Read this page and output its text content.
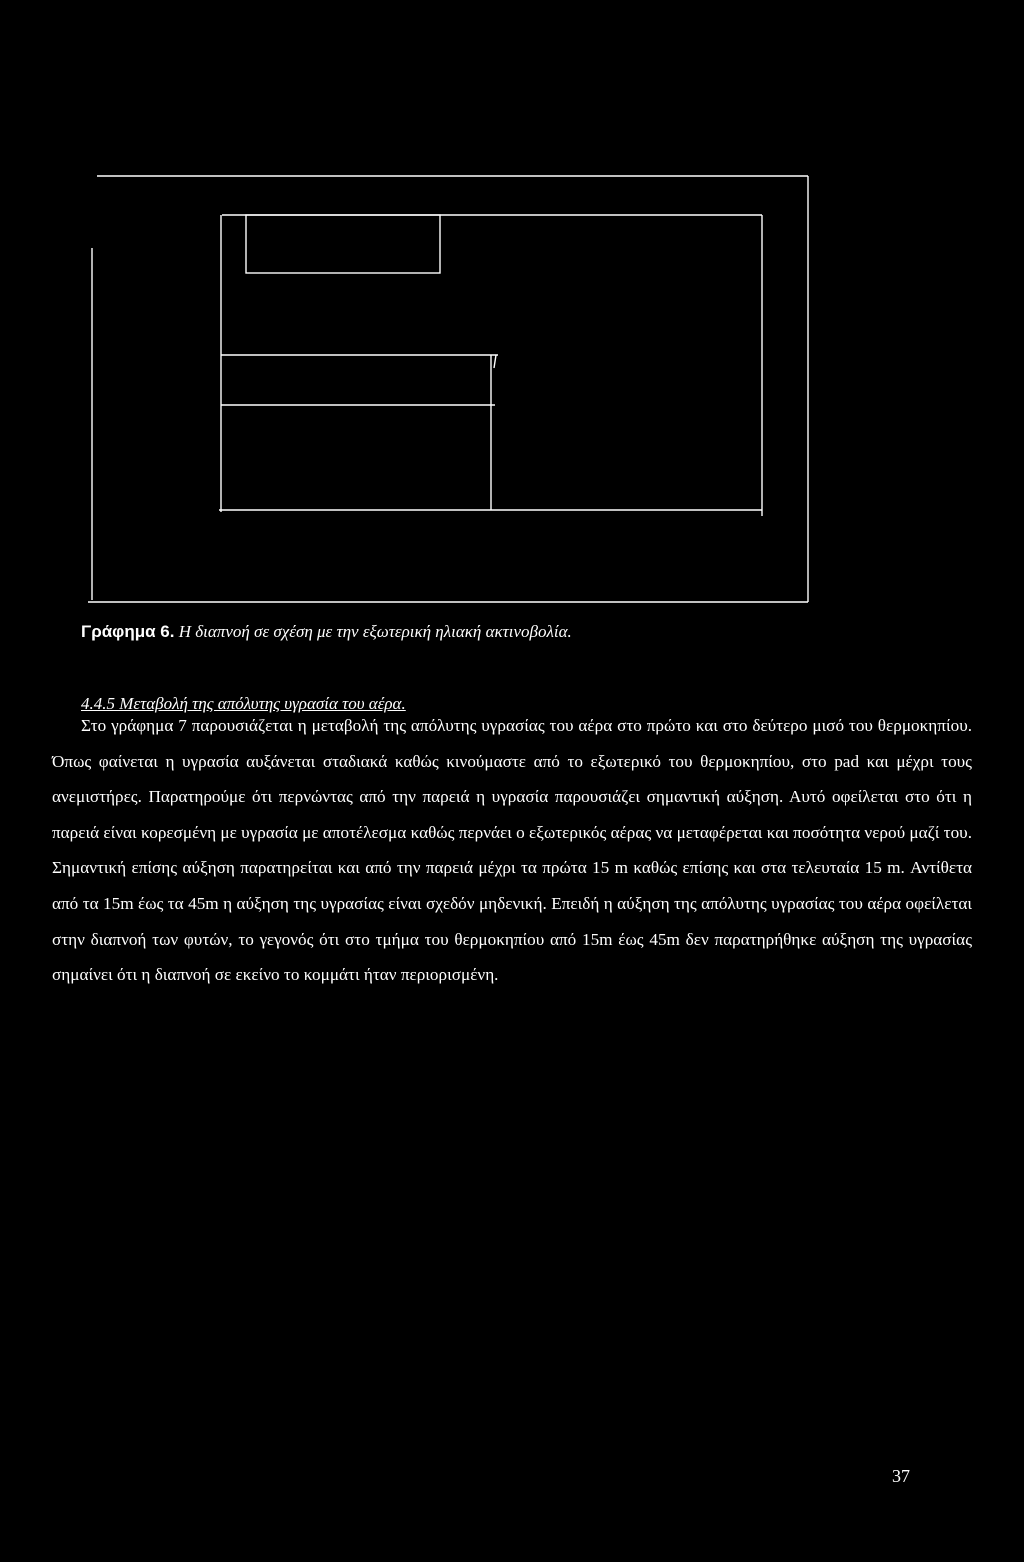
Γράφημα 6. Η διαπνοή σε σχέση με την εξωτερική ηλιακή ακτινοβολία.
4.4.5 Μεταβολή της απόλυτης υγρασία του αέρα.

Στο γράφημα 7 παρουσιάζεται η μεταβολή της απόλυτης υγρασίας του αέρα στο πρώτο και στο δεύτερο μισό του θερμοκηπίου. Όπως φαίνεται η υγρασία αυξάνεται σταδιακά καθώς κινούμαστε από το εξωτερικό του θερμοκηπίου, στο pad και μέχρι τους ανεμιστήρες. Παρατηρούμε ότι περνώντας από την παρειά η υγρασία παρουσιάζει σημαντική αύξηση. Αυτό οφείλεται στο ότι η παρειά είναι κορεσμένη με υγρασία με αποτέλεσμα καθώς περνάει ο εξωτερικός αέρας να μεταφέρεται και ποσότητα νερού μαζί του. Σημαντική επίσης αύξηση παρατηρείται και από την παρειά μέχρι τα πρώτα 15 m καθώς επίσης και στα τελευταία 15 m. Αντίθετα από τα 15m έως τα 45m η αύξηση της υγρασίας είναι σχεδόν μηδενική. Επειδή η αύξηση της απόλυτης υγρασίας του αέρα οφείλεται στην διαπνοή των φυτών, το γεγονός ότι στο τμήμα του θερμοκηπίου από 15m έως 45m δεν παρατηρήθηκε αύξηση της υγρασίας σημαίνει ότι η διαπνοή σε εκείνο το κομμάτι ήταν περιορισμένη.

37
